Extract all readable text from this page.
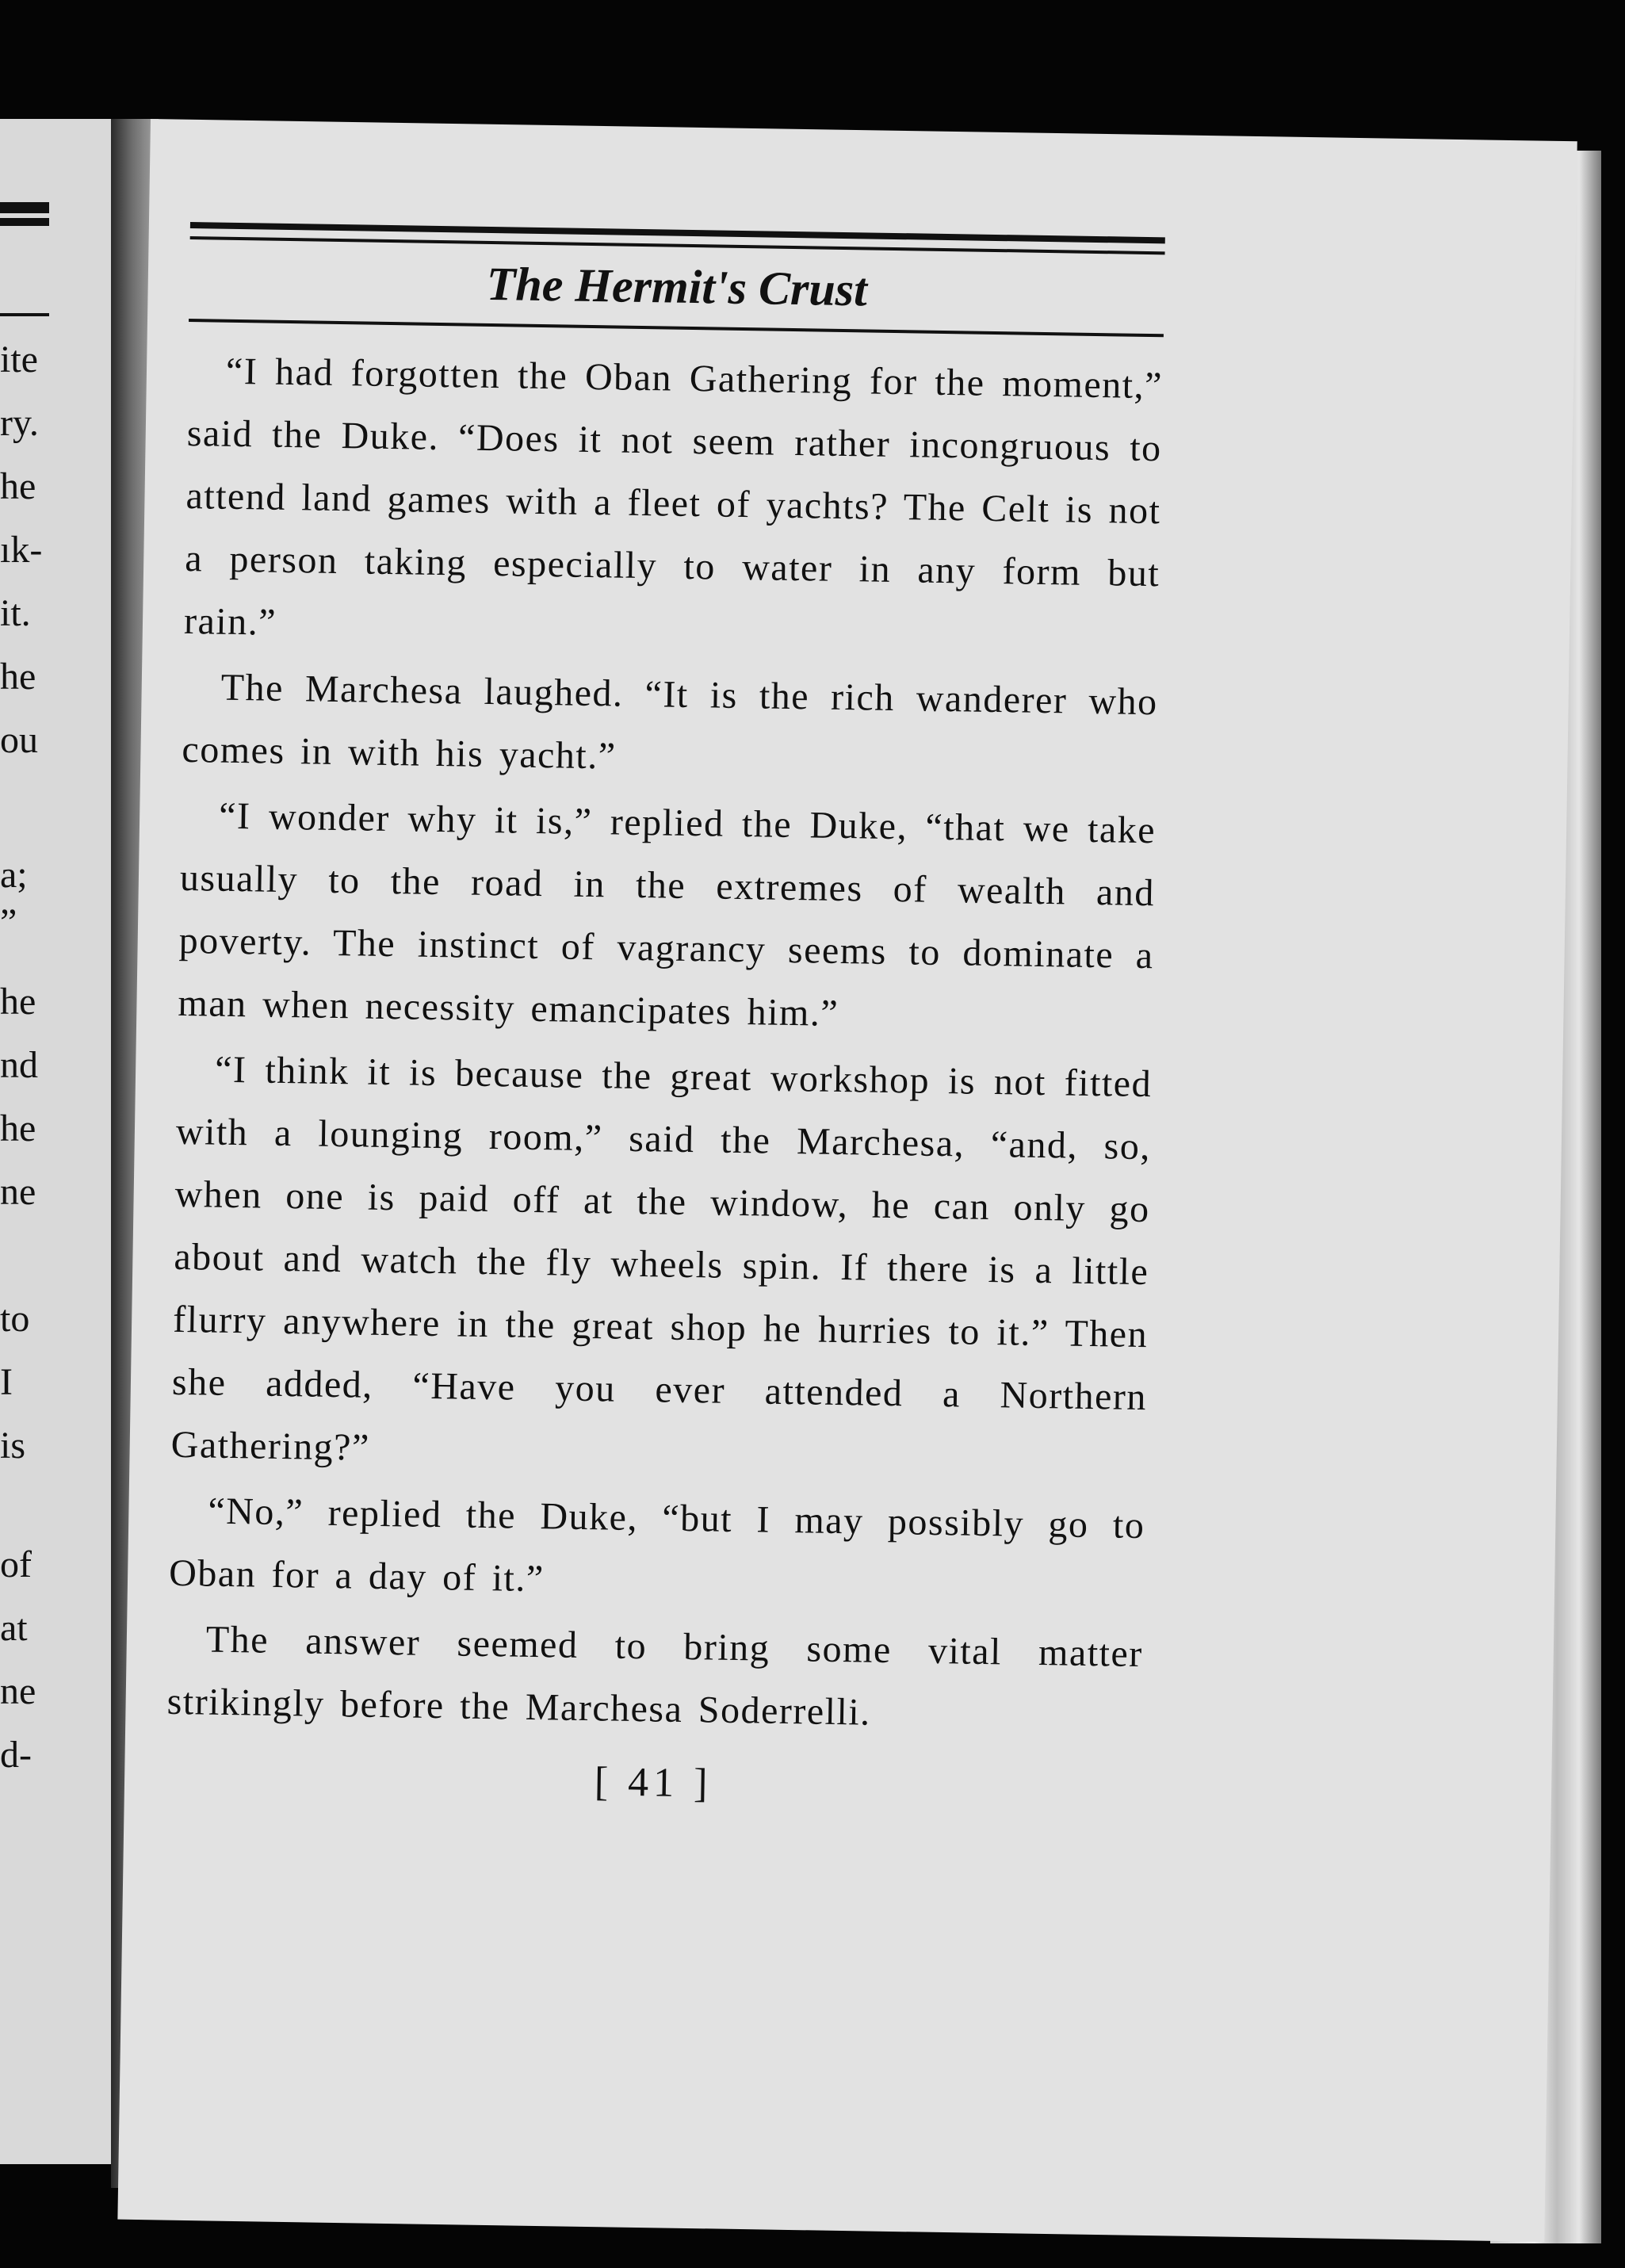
ite
ry.
he
ık-
it.
he
ou
a;
”
he
nd
he
ne
to
I
is
of
at
ne
d-
The Hermit's Crust

“I had forgotten the Oban Gathering for the moment,” said the Duke. “Does it not seem rather incongruous to attend land games with a fleet of yachts? The Celt is not a person taking especially to water in any form but rain.”

The Marchesa laughed. “It is the rich wanderer who comes in with his yacht.”

“I wonder why it is,” replied the Duke, “that we take usually to the road in the extremes of wealth and poverty. The instinct of vagrancy seems to dominate a man when necessity emancipates him.”

“I think it is because the great workshop is not fitted with a lounging room,” said the Marchesa, “and, so, when one is paid off at the window, he can only go about and watch the fly wheels spin. If there is a little flurry anywhere in the great shop he hurries to it.” Then she added, “Have you ever attended a Northern Gathering?”

“No,” replied the Duke, “but I may possibly go to Oban for a day of it.”

The answer seemed to bring some vital matter strikingly before the Marchesa Soderrelli.

[ 41 ]
